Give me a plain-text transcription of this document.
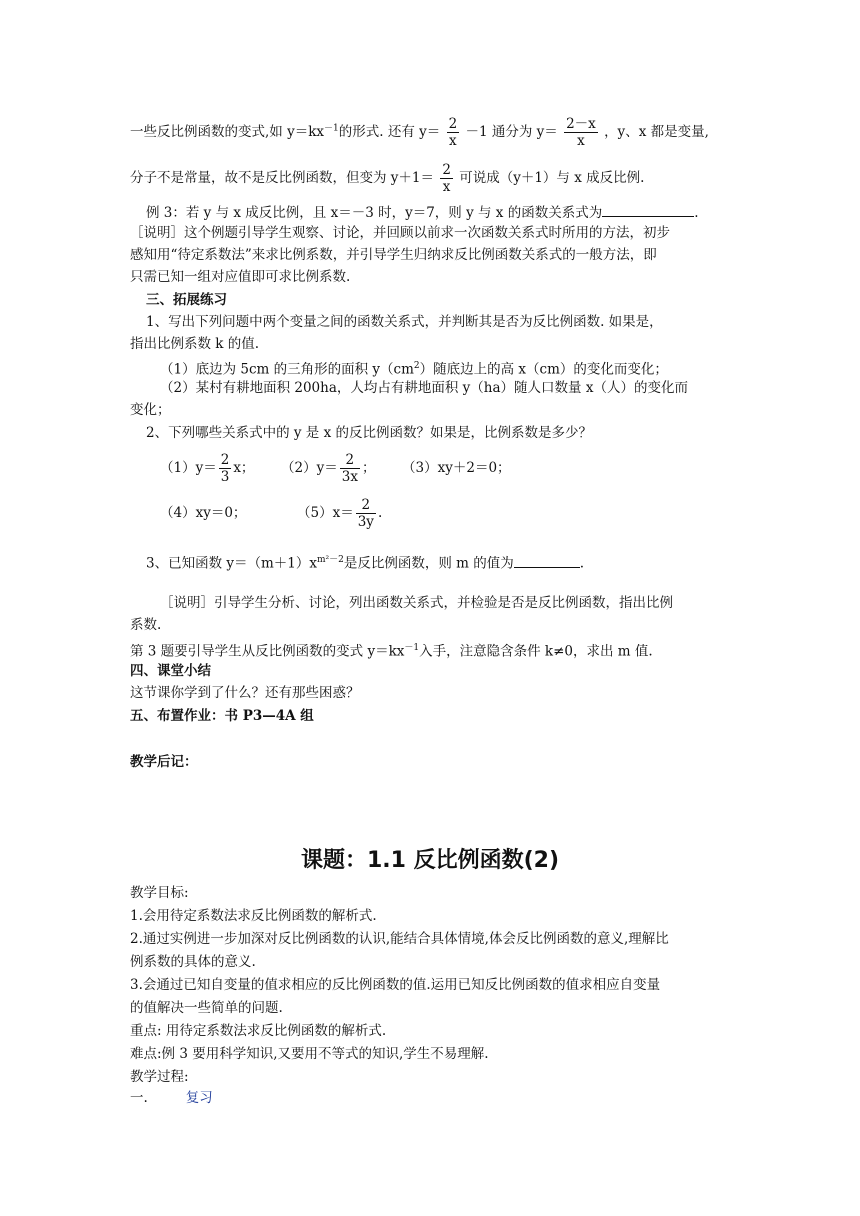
一些反比例函数的变式,如 $y=kx^{-1}$的形式. 还有 $y= \frac{2}{x} -1$ 通分为 $y= \frac{2-x}{x}$ ，y、x 都是变量,
分子不是常量，故不是反比例函数，但变为 $y+1= \frac{2}{x}$ 可说成（y＋1）与 x 成反比例.
例 3：若 y 与 x 成反比例，且 x＝－3 时，y＝7，则 y 与 x 的函数关系式为	.
［说明］这个例题引导学生观察、讨论，并回顾以前求一次函数关系式时所用的方法，初步
感知用“待定系数法”来求比例系数，并引导学生归纳求反比例函数关系式的一般方法，即
只需已知一组对应值即可求比例系数.
三、拓展练习
1、写出下列问题中两个变量之间的函数关系式，并判断其是否为反比例函数. 如果是，
指出比例系数 k 的值.
（1）底边为 5cm 的三角形的面积 $y(cm^2)$随底边上的高 x（cm）的变化而变化；
（2）某村有耕地面积 200ha，人均占有耕地面积 y（ha）随人口数量 x（人）的变化而
变化；
2、下列哪些关系式中的 y 是 x 的反比例函数？如果是，比例系数是多少？
$(1)y= \frac{2}{3}$ x； $(2)y= \frac{2}{3x}$ ； （3）xy＋2＝0；
（4）xy＝0；	$(5)x= \frac{2}{3y}$ .
3、已知函数 $y=(m+1)x^{m^2-2}$是反比例函数，则 m 的值为	.
［说明］引导学生分析、讨论，列出函数关系式，并检验是否是反比例函数，指出比例
系数.
第 3 题要引导学生从反比例函数的变式 $y=kx^{-1}$入手，注意隐含条件 k≠0，求出 m 值.
四、课堂小结
这节课你学到了什么？还有那些困惑？
五、布置作业：书 P3—4A 组
教学后记：
课题：1.1 反比例函数(2)
教学目标:
1.会用待定系数法求反比例函数的解析式.
2.通过实例进一步加深对反比例函数的认识,能结合具体情境,体会反比例函数的意义,理解比
例系数的具体的意义.
3.会通过已知自变量的值求相应的反比例函数的值.运用已知反比例函数的值求相应自变量
的值解决一些简单的问题.
重点: 用待定系数法求反比例函数的解析式.
难点:例 3 要用科学知识,又要用不等式的知识,学生不易理解.
教学过程:
一.	复习
